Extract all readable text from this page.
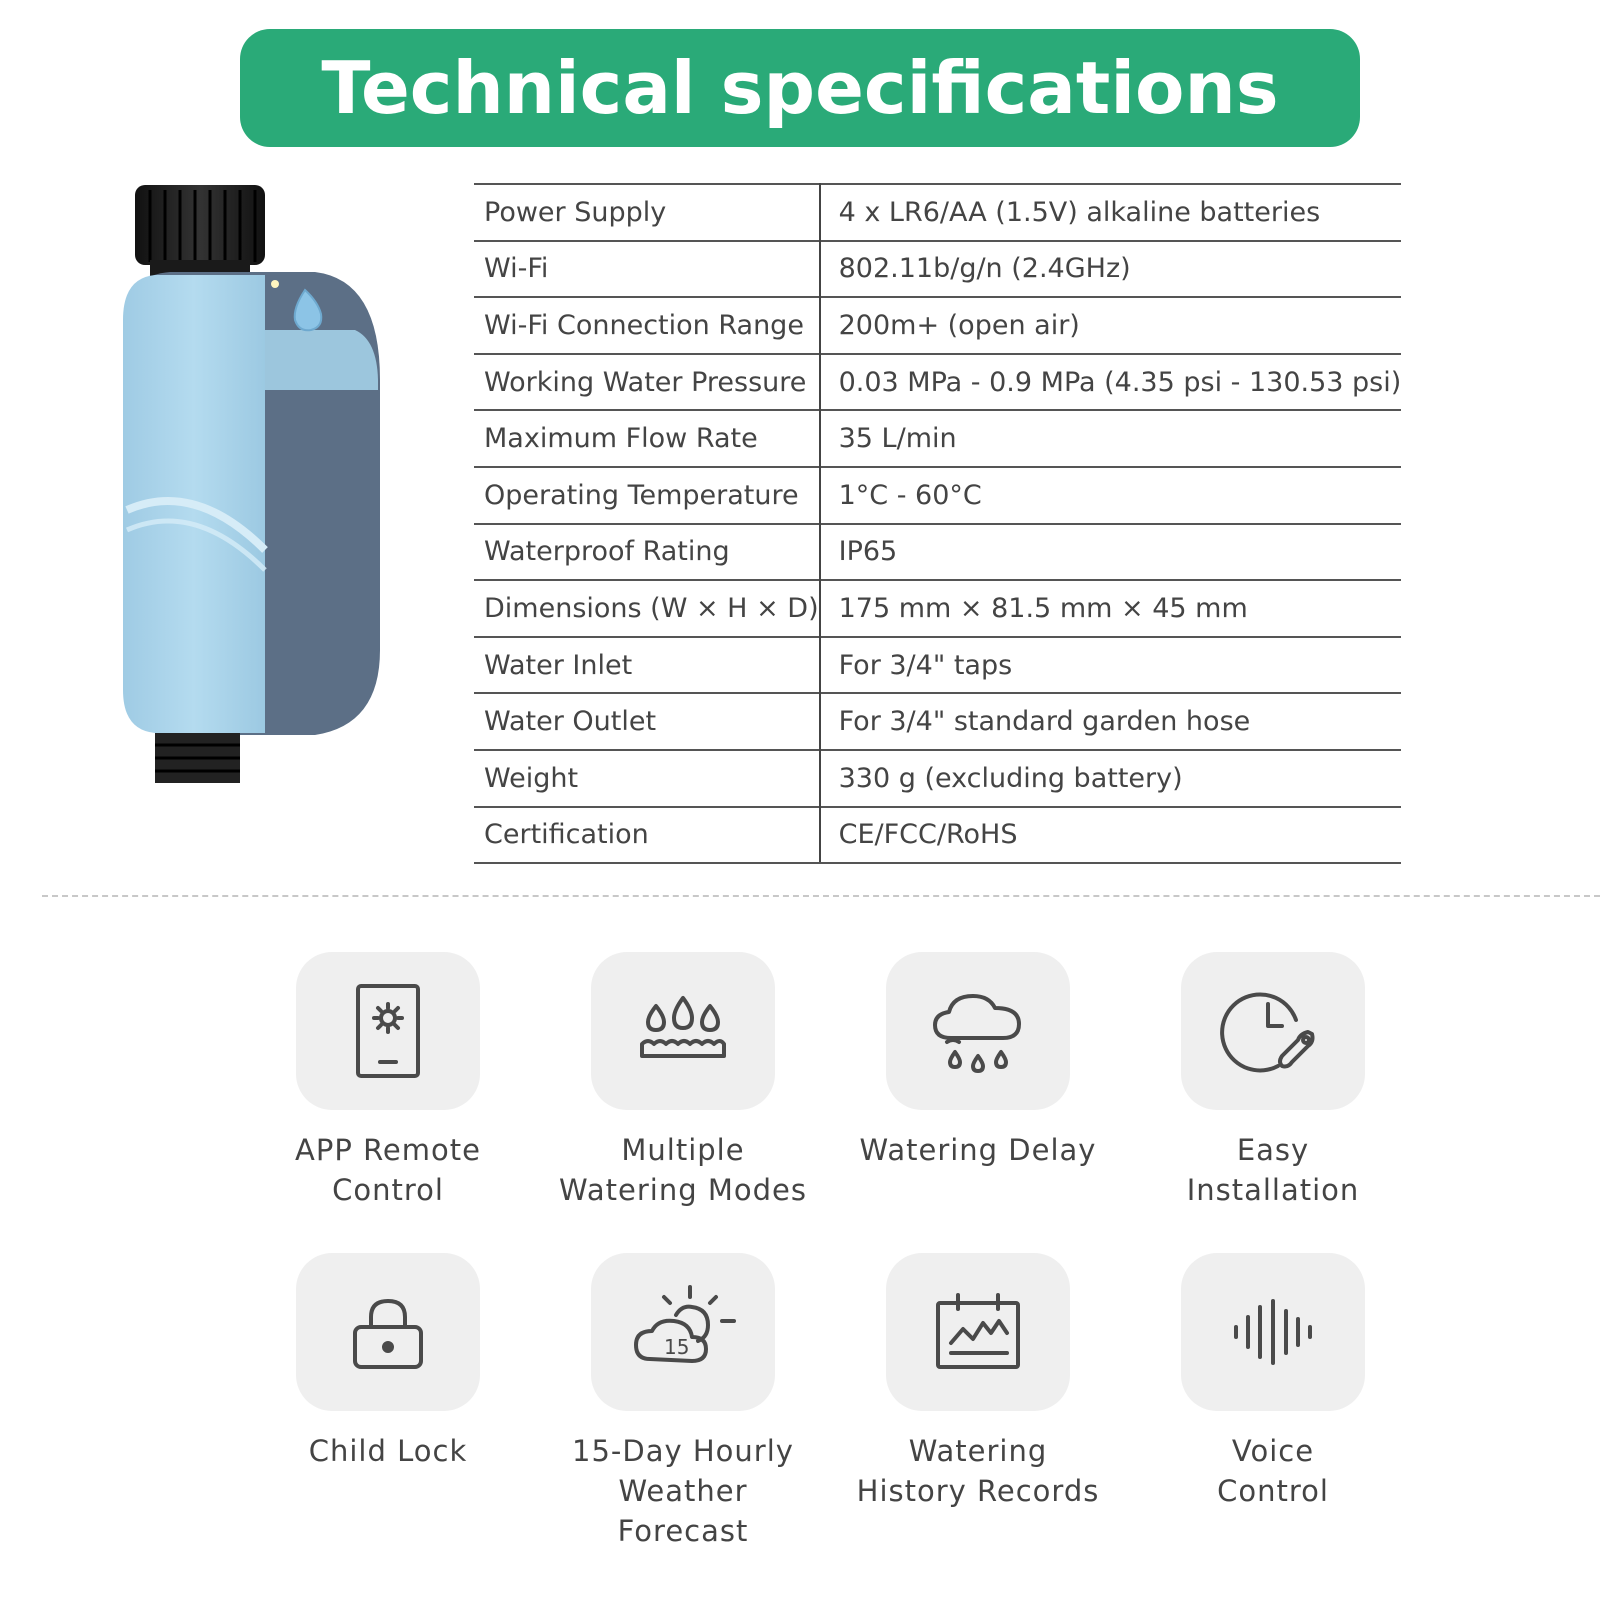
Technical specifications
Power Supply	4 x LR6/AA (1.5V) alkaline batteries
Wi-Fi	802.11b/g/n (2.4GHz)
Wi-Fi Connection Range	200m+ (open air)
Working Water Pressure	0.03 MPa - 0.9 MPa (4.35 psi - 130.53 psi)
Maximum Flow Rate	35 L/min
Operating Temperature	1°C - 60°C
Waterproof Rating	IP65
Dimensions (W × H × D)	175 mm × 81.5 mm × 45 mm
Water Inlet	For 3/4" taps
Water Outlet	For 3/4" standard garden hose
Weight	330 g (excluding battery)
Certification	CE/FCC/RoHS
APP Remote
Control
Multiple
Watering Modes
Watering Delay	Easy
Installation
Child Lock
15
15-Day Hourly
Weather
Forecast
Watering
History Records
Voice
Control
